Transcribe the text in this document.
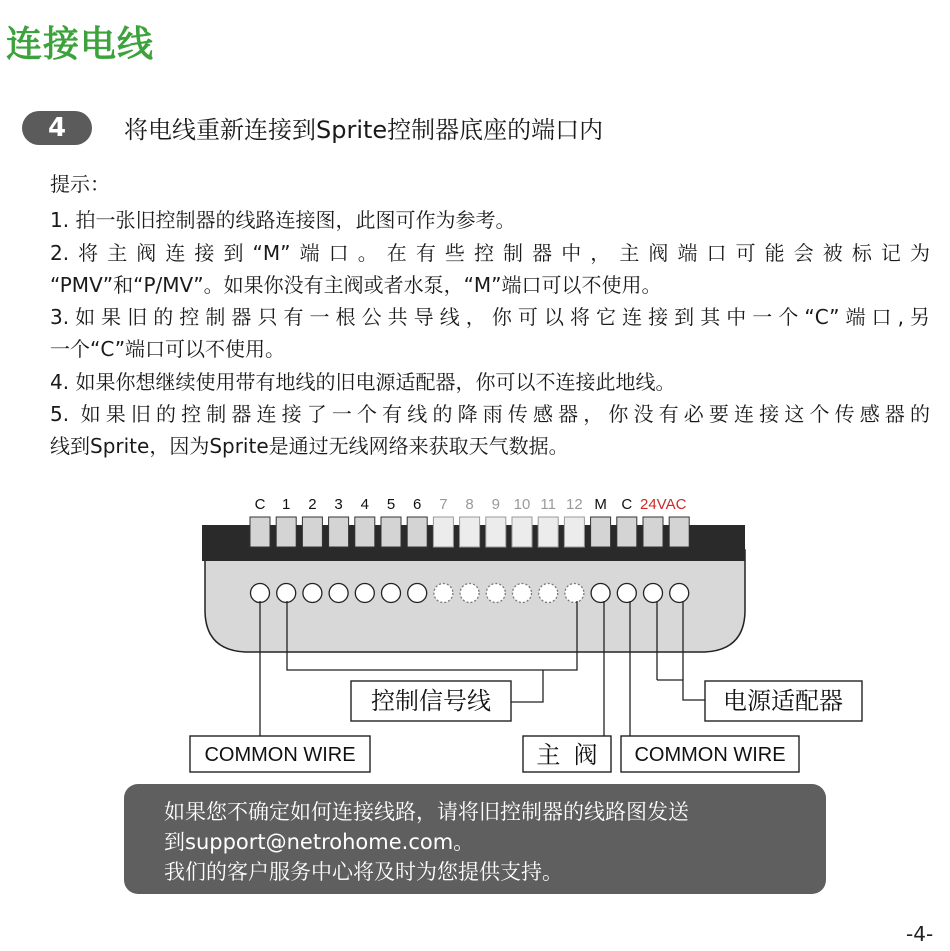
连接电线
4	将电线重新连接到Sprite控制器底座的端口内
提示：

1. 拍一张旧控制器的线路连接图，此图可作为参考。

2.将主阀连接到“M”端口。在有些控制器中，主阀端口可能会被标记为

“PMV”和“P/MV”。如果你没有主阀或者水泵，“M”端口可以不使用。

3.如果旧的控制器只有一根公共导线，你可以将它连接到其中一个“C”端口,另

一个“C”端口可以不使用。

4. 如果你想继续使用带有地线的旧电源适配器，你可以不连接此地线。

5. 如果旧的控制器连接了一个有线的降雨传感器，你没有必要连接这个传感器的

线到Sprite，因为Sprite是通过无线网络来获取天气数据。

C 1 2 3 4 5 6 7 8 9 10 11 12 M C 24VAC
控制信号线	电源适配器
COMMON WIRE	主  阀 COMMON WIRE

如果您不确定如何连接线路，请将旧控制器的线路图发送

到support@netrohome.com。

我们的客户服务中心将及时为您提供支持。

-4-
